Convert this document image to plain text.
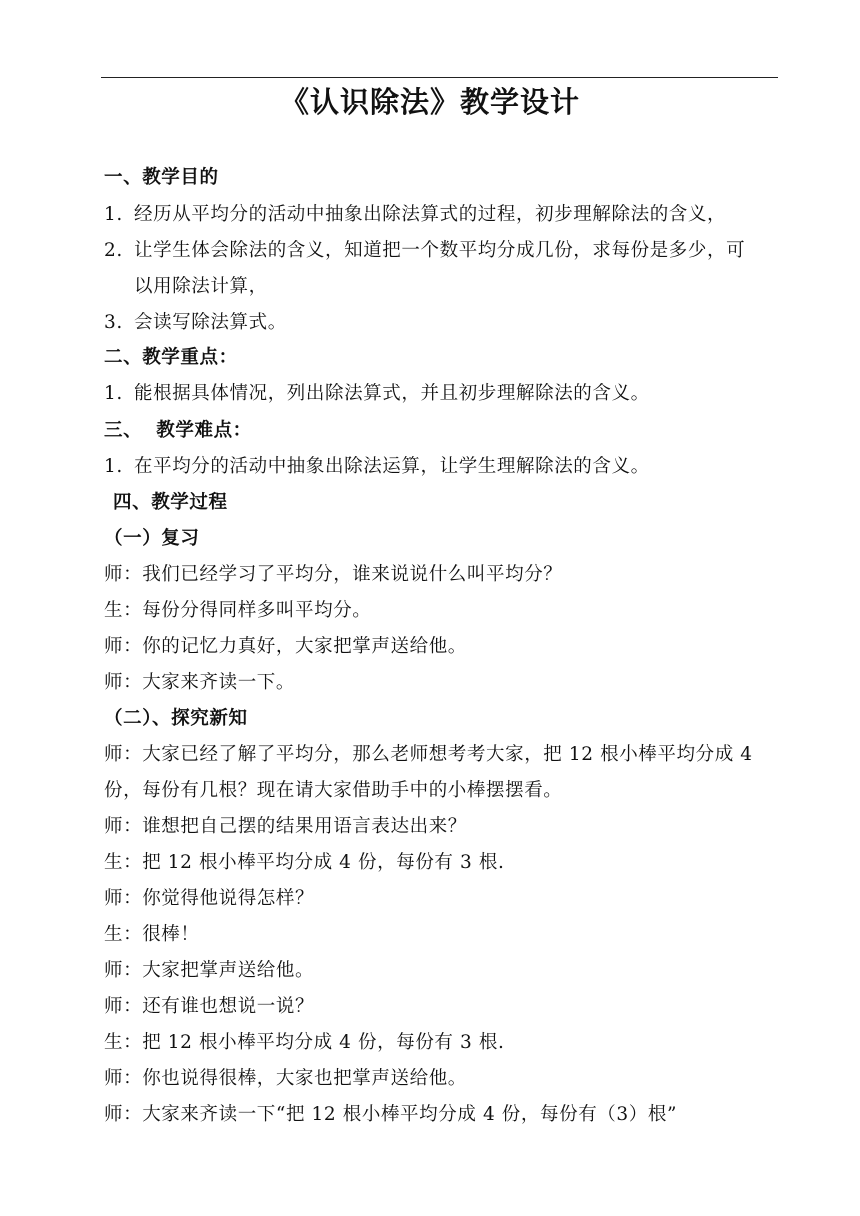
《认识除法》教学设计
一、教学目的
1. 经历从平均分的活动中抽象出除法算式的过程，初步理解除法的含义，
2. 让学生体会除法的含义，知道把一个数平均分成几份，求每份是多少，可
以用除法计算，
3. 会读写除法算式。
二、教学重点：
1. 能根据具体情况，列出除法算式，并且初步理解除法的含义。
三、  教学难点：
1. 在平均分的活动中抽象出除法运算，让学生理解除法的含义。
四、教学过程
（一）复习
师：我们已经学习了平均分，谁来说说什么叫平均分？
生：每份分得同样多叫平均分。
师：你的记忆力真好，大家把掌声送给他。
师：大家来齐读一下。
（二）、探究新知
师：大家已经了解了平均分，那么老师想考考大家，把 12 根小棒平均分成 4
份，每份有几根？现在请大家借助手中的小棒摆摆看。
师：谁想把自己摆的结果用语言表达出来？
生：把 12 根小棒平均分成 4 份，每份有 3 根.
师：你觉得他说得怎样？
生：很棒！
师：大家把掌声送给他。
师：还有谁也想说一说？
生：把 12 根小棒平均分成 4 份，每份有 3 根.
师：你也说得很棒，大家也把掌声送给他。
师：大家来齐读一下“把 12 根小棒平均分成 4 份，每份有（3）根”
